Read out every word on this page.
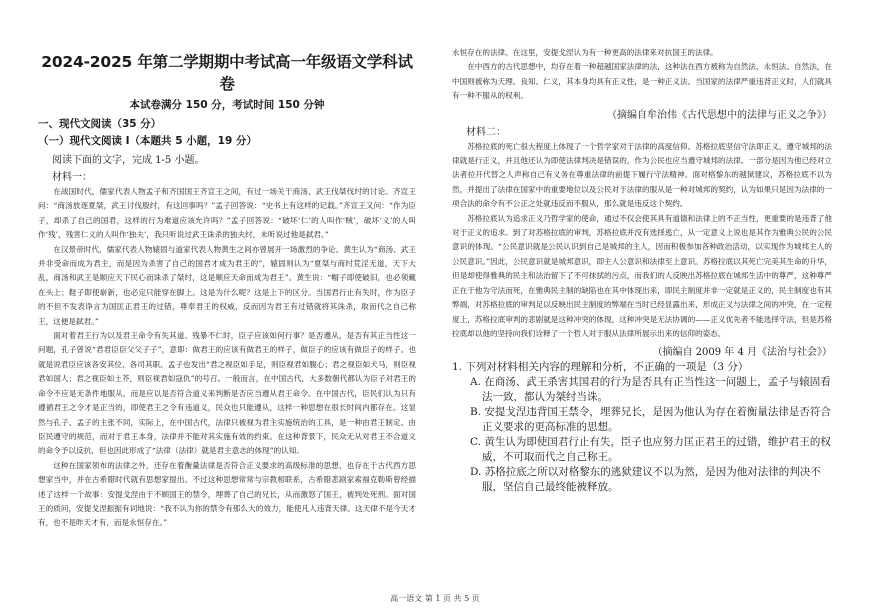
2024-2025 年第二学期期中考试高一年级语文学科试卷
本试卷满分 150 分，考试时间 150 分钟
一、现代文阅读（35 分）
（一）现代文阅读 I（本题共 5 小题，19 分）
阅读下面的文字，完成 1-5 小题。
材料一：

在战国时代，儒家代表人物孟子和齐国国王齐宣王之间，有过一场关于商汤、武王伐桀伐纣的讨论。齐宣王问：“商汤放逐夏桀，武王讨伐殷纣，有这回事吗？”孟子回答说：“史书上有这样的记载。”齐宣王又问：“作为臣子，却杀了自己的国君，这样的行为难道应该允许吗？”孟子回答说：“破坏‘仁’的人叫作‘贼’，破坏‘义’的人叫作‘残’，残害仁义的人叫作‘独夫’，我只听说过武王诛杀的独夫纣，未听说过他是弑君。”

在汉景帝时代，儒家代表人物辕固与道家代表人物黄生之间亦曾展开一场激烈的争论。黄生认为“商汤、武王并非受命而成为君主，而是因为杀害了自己的国君才成为君王的”，辕固则认为“夏桀与商纣荒淫无道，天下大乱，商汤和武王是顺应天下民心而诛杀了桀纣，这是顺应天命而成为君王”。黄生说：“帽子即使破旧，也必须戴在头上；鞋子即使崭新，也必定只能穿在脚上。这是为什么呢？这是上下的区分。当国君行止有失时，作为臣子的不但不发表诤言为国匡正君王的过错，尊奉君王的权威，反而因为君王有过错就将其诛杀，取而代之自己称王，这便是弑君。”

面对着君王行为以及君王命令有失其道、残暴不仁时，臣子应该如何行事？是否遵从，是否有其正当性这一问题，孔子曾说“君君臣臣父父子子”，意即：做君王的应该有做君王的样子，做臣子的应该有做臣子的样子。也就是说君臣应该各安其位、各司其职。孟子也发出“君之视臣如手足，则臣视君如腹心；君之视臣如犬马，则臣视君如国人；君之视臣如土芥，则臣视君如寇仇”的号召。一般而言，在中国古代，大多数朝代都认为臣子对君王的命令不应是无条件地服从，而是应以是否符合道义来判断是否应当遵从君王命令。在中国古代，臣民们认为只有遵循君王之令才是正当的，即使君王之令有违道义，民众也只能遵从，这样一种思想在很长时间内都存在。这显然与孔子、孟子的主张不同，实际上，在中国古代，法律只被视为君主实施统治的工具，是一种由君王制定、由臣民遵守的规范，而对于君王本身，法律并不能对其实施有效的约束。在这种背景下，民众无从对君王不合道义的命令予以反抗，但也因此形成了“法律（法律）就是君主意志的体现”的认知。

这种在国家领布的法律之外，还存在着衡量法律是否符合正义要求的高级标准的思想，也存在于古代西方思想家当中，并在古希腊时代就有思想家提出。不过这种思想常常与宗教相联系，古希腊悲剧家索福克勒斯曾经描述了这样一个故事：安提戈涅由于不顾国王的禁令，埋葬了自己的兄长，从而激怒了国王，被判处死刑。面对国王的质问，安提戈涅振振有词地说：“我不认为你的禁令有那么大的效力，能使凡人违背天律。这天律不是今天才有，也不是昨天才有，而是永恒存在。”

永恒存在的法律。在这里，安提戈涅认为有一种更高的法律来对抗国王的法律。

在中西方的古代思想中，均存在着一种超越国家法律的法，这种法在西方被称为自然法，永恒法、自然法，在中国则被称为天理、良知、仁义，其本身均具有正义性，是一种正义法。当国家的法律严重违背正义时，人们就具有一种不服从的权利。

（摘编自牟治伟《古代思想中的法律与正义之争》）
材料二：

苏格拉底的死亡很大程度上体现了一个哲学家对于法律的高度信仰。苏格拉底坚信守法即正义，遵守城邦的法律就是行正义，并且他还认为即使法律判决是错误的，作为公民也应当遵守城邦的法律。一部分是因为他已经对立法者拉开代替之人声称自己有义务在尊重法律的前提下履行守法精神。面对格黎东的越狱建议，苏格拉底不以为然，并提出了法律在国家中的重要地位以及公民对于法律的服从是一种对城邦的契约，认为如果只是因为法律的一项合法的命令有不公正之处就违反而不服从，那么就是违反这个契约。

苏格拉底认为追求正义乃哲学家的使命，通过不仅会使其具有道德和法律上的不正当性，更重要的是违背了他对于正义的追求。到了对苏格拉底的审判，苏格拉底并没有选择逃亡，从一定意义上说也是其作为雅典公民的公民意识的体现。“公民意识就是公民认识到自己是城邦的主人，因而积极参加各种政治活动，以实现作为城邦主人的公民意识。”因此，公民意识就是城邦意识，即主人公意识和法律至上意识。苏格拉底以其死亡完美其生命的升华，但是却使得雅典的民主和法治留下了不可抹拭的污点，而我们的人反映出苏格拉底在城邦生活中的尊严，这种尊严正在于他为守法而死，在雅典民主制的缺陷也在其中体现出来，即民主制度并非一定就是正义的，民主制度也有其弊端，对苏格拉底的审判足以反映出民主制度的弊端在当时已经显露出来，形成正义与法律之间的冲突，在一定程度上，苏格拉底审判的悲剧就是这种冲突的体现，这种冲突是无法协调的——正义优先者不能选择守法，但是苏格拉底却以他的坚持向我们诠释了一个哲人对于服从法律所展示出来的信仰的姿态。

（摘编自 2009 年 4 月《法治与社会》）

1. 下列对材料相关内容的理解和分析，不正确的一项是（3 分）

A. 在商汤、武王杀害其国君的行为是否具有正当性这一问题上，孟子与辕固看法一致，都认为桀纣当诛。

B. 安提戈涅违背国王禁令，埋葬兄长，是因为他认为存在着衡量法律是否符合正义要求的更高标准的思想。

C. 黄生认为即使国君行止有失，臣子也应努力匡正君王的过错，维护君王的权威，不可取而代之自己称王。

D. 苏格拉底之所以对格黎东的逃狱建议不以为然，是因为他对法律的判决不服，坚信自己最终能被释放。

高一语文 第 1 页 共 5 页
